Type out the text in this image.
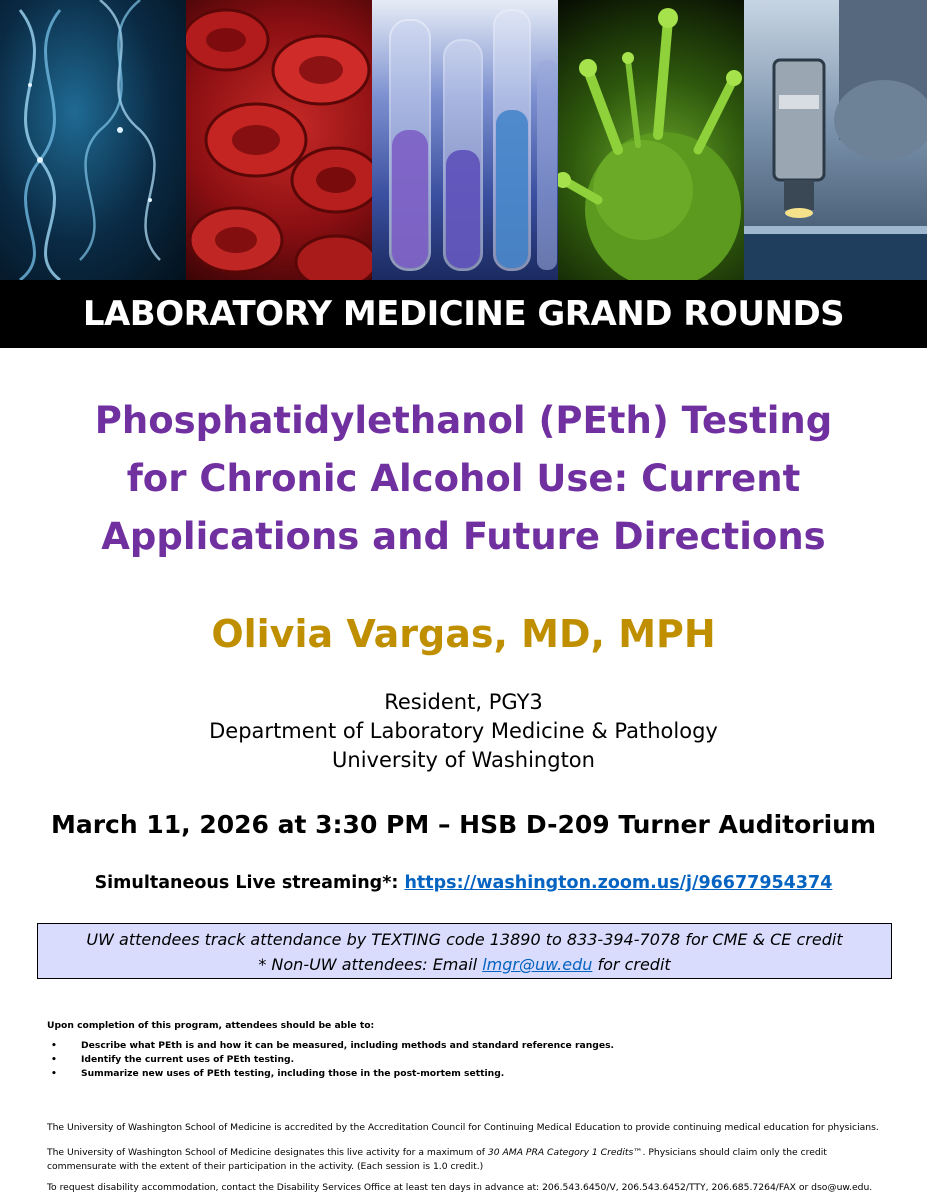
LABORATORY MEDICINE GRAND ROUNDS
Phosphatidylethanol (PEth) Testing
for Chronic Alcohol Use: Current
Applications and Future Directions
Olivia Vargas, MD, MPH
Resident, PGY3
Department of Laboratory Medicine & Pathology
University of Washington
March 11, 2026 at 3:30 PM – HSB D-209 Turner Auditorium
Simultaneous Live streaming*: https://washington.zoom.us/j/96677954374
UW attendees track attendance by TEXTING code 13890 to 833-394-7078 for CME & CE credit
* Non-UW attendees: Email lmgr@uw.edu for credit
Upon completion of this program, attendees should be able to:
• Describe what PEth is and how it can be measured, including methods and standard reference ranges.
• Identify the current uses of PEth testing.
• Summarize new uses of PEth testing, including those in the post-mortem setting.
The University of Washington School of Medicine is accredited by the Accreditation Council for Continuing Medical Education to provide continuing medical education for physicians.
The University of Washington School of Medicine designates this live activity for a maximum of 30 AMA PRA Category 1 Credits™. Physicians should claim only the credit commensurate with the extent of their participation in the activity. (Each session is 1.0 credit.)
To request disability accommodation, contact the Disability Services Office at least ten days in advance at: 206.543.6450/V, 206.543.6452/TTY, 206.685.7264/FAX or dso@uw.edu.
